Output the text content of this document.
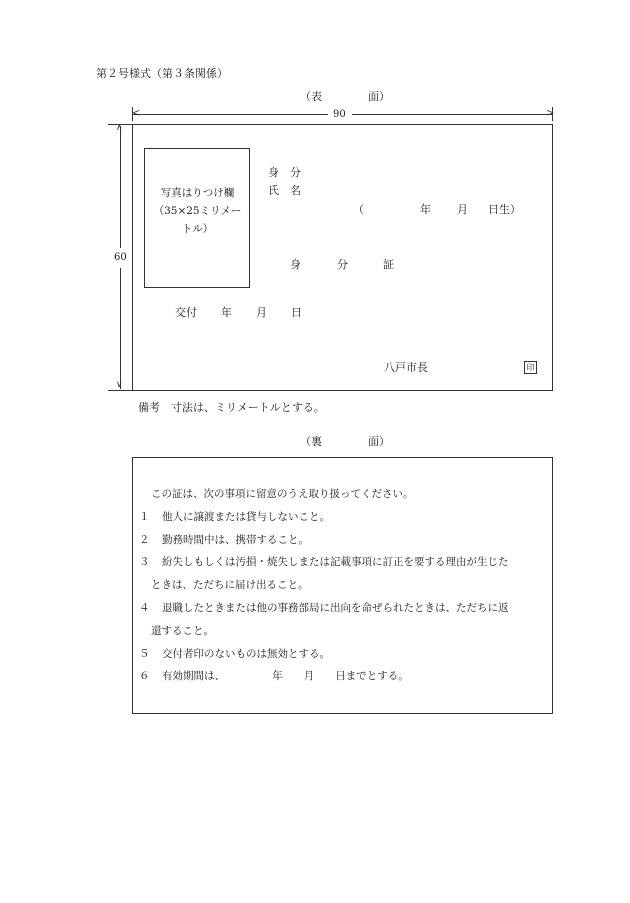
第２号様式（第３条関係）
（表	面）
<	>
90
∧
∨
60
写真はりつけ欄
（35×25ミリメー
トル）
身　分
氏　名
（	年 月 日生）
身	分	証
交付 年 月 日
八戸市長	印
備考　寸法は、ミリメートルとする。
（裏	面）
この証は、次の事項に留意のうえ取り扱ってください。
１ 他人に譲渡または貸与しないこと。
２ 勤務時間中は、携帯すること。
３ 紛失しもしくは汚損・焼失しまたは記載事項に訂正を要する理由が生じた
ときは、ただちに届け出ること。
４ 退職したときまたは他の事務部局に出向を命ぜられたときは、ただちに返
還すること。
５ 交付者印のないものは無効とする。
６ 有効期間は、　　　　　年　　月　　日までとする。
